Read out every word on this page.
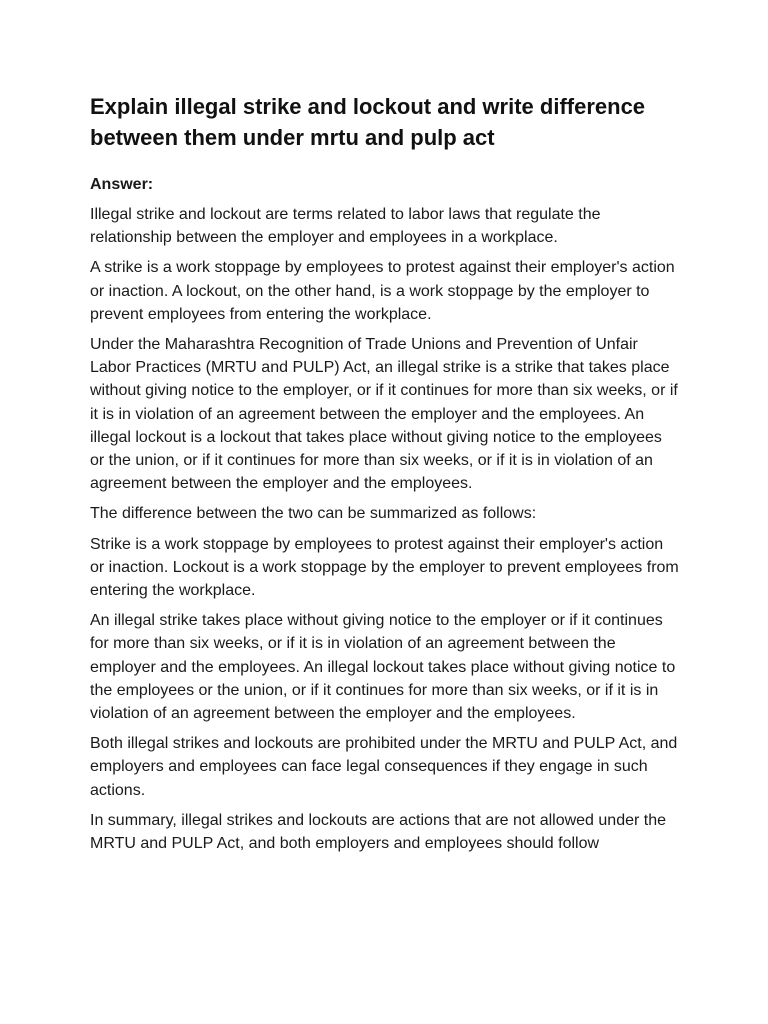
Explain illegal strike and lockout and write difference between them under mrtu and pulp act
Answer:

Illegal strike and lockout are terms related to labor laws that regulate the relationship between the employer and employees in a workplace.

A strike is a work stoppage by employees to protest against their employer's action or inaction. A lockout, on the other hand, is a work stoppage by the employer to prevent employees from entering the workplace.

Under the Maharashtra Recognition of Trade Unions and Prevention of Unfair Labor Practices (MRTU and PULP) Act, an illegal strike is a strike that takes place without giving notice to the employer, or if it continues for more than six weeks, or if it is in violation of an agreement between the employer and the employees. An illegal lockout is a lockout that takes place without giving notice to the employees or the union, or if it continues for more than six weeks, or if it is in violation of an agreement between the employer and the employees.

The difference between the two can be summarized as follows:

Strike is a work stoppage by employees to protest against their employer's action or inaction. Lockout is a work stoppage by the employer to prevent employees from entering the workplace.

An illegal strike takes place without giving notice to the employer or if it continues for more than six weeks, or if it is in violation of an agreement between the employer and the employees. An illegal lockout takes place without giving notice to the employees or the union, or if it continues for more than six weeks, or if it is in violation of an agreement between the employer and the employees.

Both illegal strikes and lockouts are prohibited under the MRTU and PULP Act, and employers and employees can face legal consequences if they engage in such actions.

In summary, illegal strikes and lockouts are actions that are not allowed under the MRTU and PULP Act, and both employers and employees should follow
